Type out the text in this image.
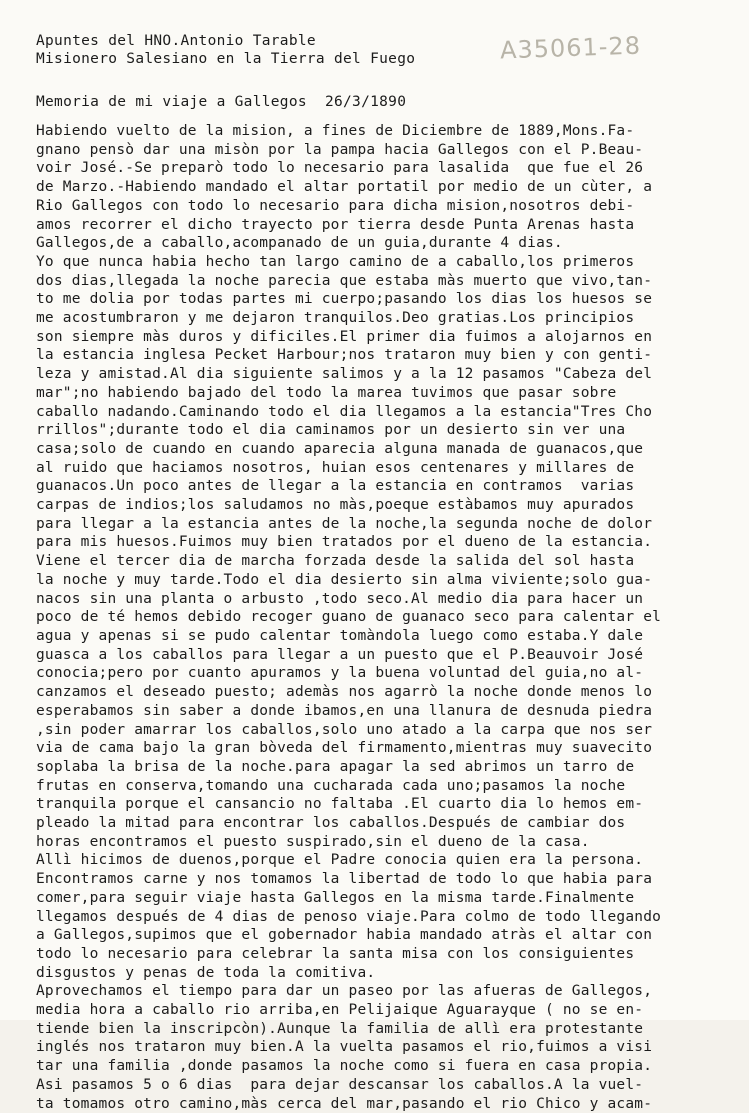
Apuntes del HNO.Antonio Tarable
Misionero Salesiano en la Tierra del Fuego	A35061-28
Memoria de mi viaje a Gallegos  26/3/1890
Habiendo vuelto de la mision, a fines de Diciembre de 1889,Mons.Fa-
gnano pensò dar una misòn por la pampa hacia Gallegos con el P.Beau-
voir José.-Se preparò todo lo necesario para lasalida  que fue el 26
de Marzo.-Habiendo mandado el altar portatil por medio de un cùter, a
Rio Gallegos con todo lo necesario para dicha mision,nosotros debi-
amos recorrer el dicho trayecto por tierra desde Punta Arenas hasta
Gallegos,de a caballo,acompanado de un guia,durante 4 dias.
Yo que nunca habia hecho tan largo camino de a caballo,los primeros
dos dias,llegada la noche parecia que estaba màs muerto que vivo,tan-
to me dolia por todas partes mi cuerpo;pasando los dias los huesos se
me acostumbraron y me dejaron tranquilos.Deo gratias.Los principios
son siempre màs duros y dificiles.El primer dia fuimos a alojarnos en
la estancia inglesa Pecket Harbour;nos trataron muy bien y con genti-
leza y amistad.Al dia siguiente salimos y a la 12 pasamos "Cabeza del
mar";no habiendo bajado del todo la marea tuvimos que pasar sobre
caballo nadando.Caminando todo el dia llegamos a la estancia"Tres Cho
rrillos";durante todo el dia caminamos por un desierto sin ver una
casa;solo de cuando en cuando aparecia alguna manada de guanacos,que
al ruido que haciamos nosotros, huian esos centenares y millares de
guanacos.Un poco antes de llegar a la estancia en contramos  varias
carpas de indios;los saludamos no màs,poeque estàbamos muy apurados
para llegar a la estancia antes de la noche,la segunda noche de dolor
para mis huesos.Fuimos muy bien tratados por el dueno de la estancia.
Viene el tercer dia de marcha forzada desde la salida del sol hasta
la noche y muy tarde.Todo el dia desierto sin alma viviente;solo gua-
nacos sin una planta o arbusto ,todo seco.Al medio dia para hacer un
poco de té hemos debido recoger guano de guanaco seco para calentar el
agua y apenas si se pudo calentar tomàndola luego como estaba.Y dale
guasca a los caballos para llegar a un puesto que el P.Beauvoir José
conocia;pero por cuanto apuramos y la buena voluntad del guia,no al-
canzamos el deseado puesto; ademàs nos agarrò la noche donde menos lo
esperabamos sin saber a donde ibamos,en una llanura de desnuda piedra
,sin poder amarrar los caballos,solo uno atado a la carpa que nos ser
via de cama bajo la gran bòveda del firmamento,mientras muy suavecito
soplaba la brisa de la noche.para apagar la sed abrimos un tarro de
frutas en conserva,tomando una cucharada cada uno;pasamos la noche
tranquila porque el cansancio no faltaba .El cuarto dia lo hemos em-
pleado la mitad para encontrar los caballos.Después de cambiar dos
horas encontramos el puesto suspirado,sin el dueno de la casa.
Allì hicimos de duenos,porque el Padre conocia quien era la persona.
Encontramos carne y nos tomamos la libertad de todo lo que habia para
comer,para seguir viaje hasta Gallegos en la misma tarde.Finalmente
llegamos después de 4 dias de penoso viaje.Para colmo de todo llegando
a Gallegos,supimos que el gobernador habia mandado atràs el altar con
todo lo necesario para celebrar la santa misa con los consiguientes
disgustos y penas de toda la comitiva.
Aprovechamos el tiempo para dar un paseo por las afueras de Gallegos,
media hora a caballo rio arriba,en Pelijaique Aguarayque ( no se en-
tiende bien la inscripcòn).Aunque la familia de allì era protestante
inglés nos trataron muy bien.A la vuelta pasamos el rio,fuimos a visi
tar una familia ,donde pasamos la noche como si fuera en casa propia.
Asi pasamos 5 o 6 dias  para dejar descansar los caballos.A la vuel-
ta tomamos otro camino,màs cerca del mar,pasando el rio Chico y acam-
